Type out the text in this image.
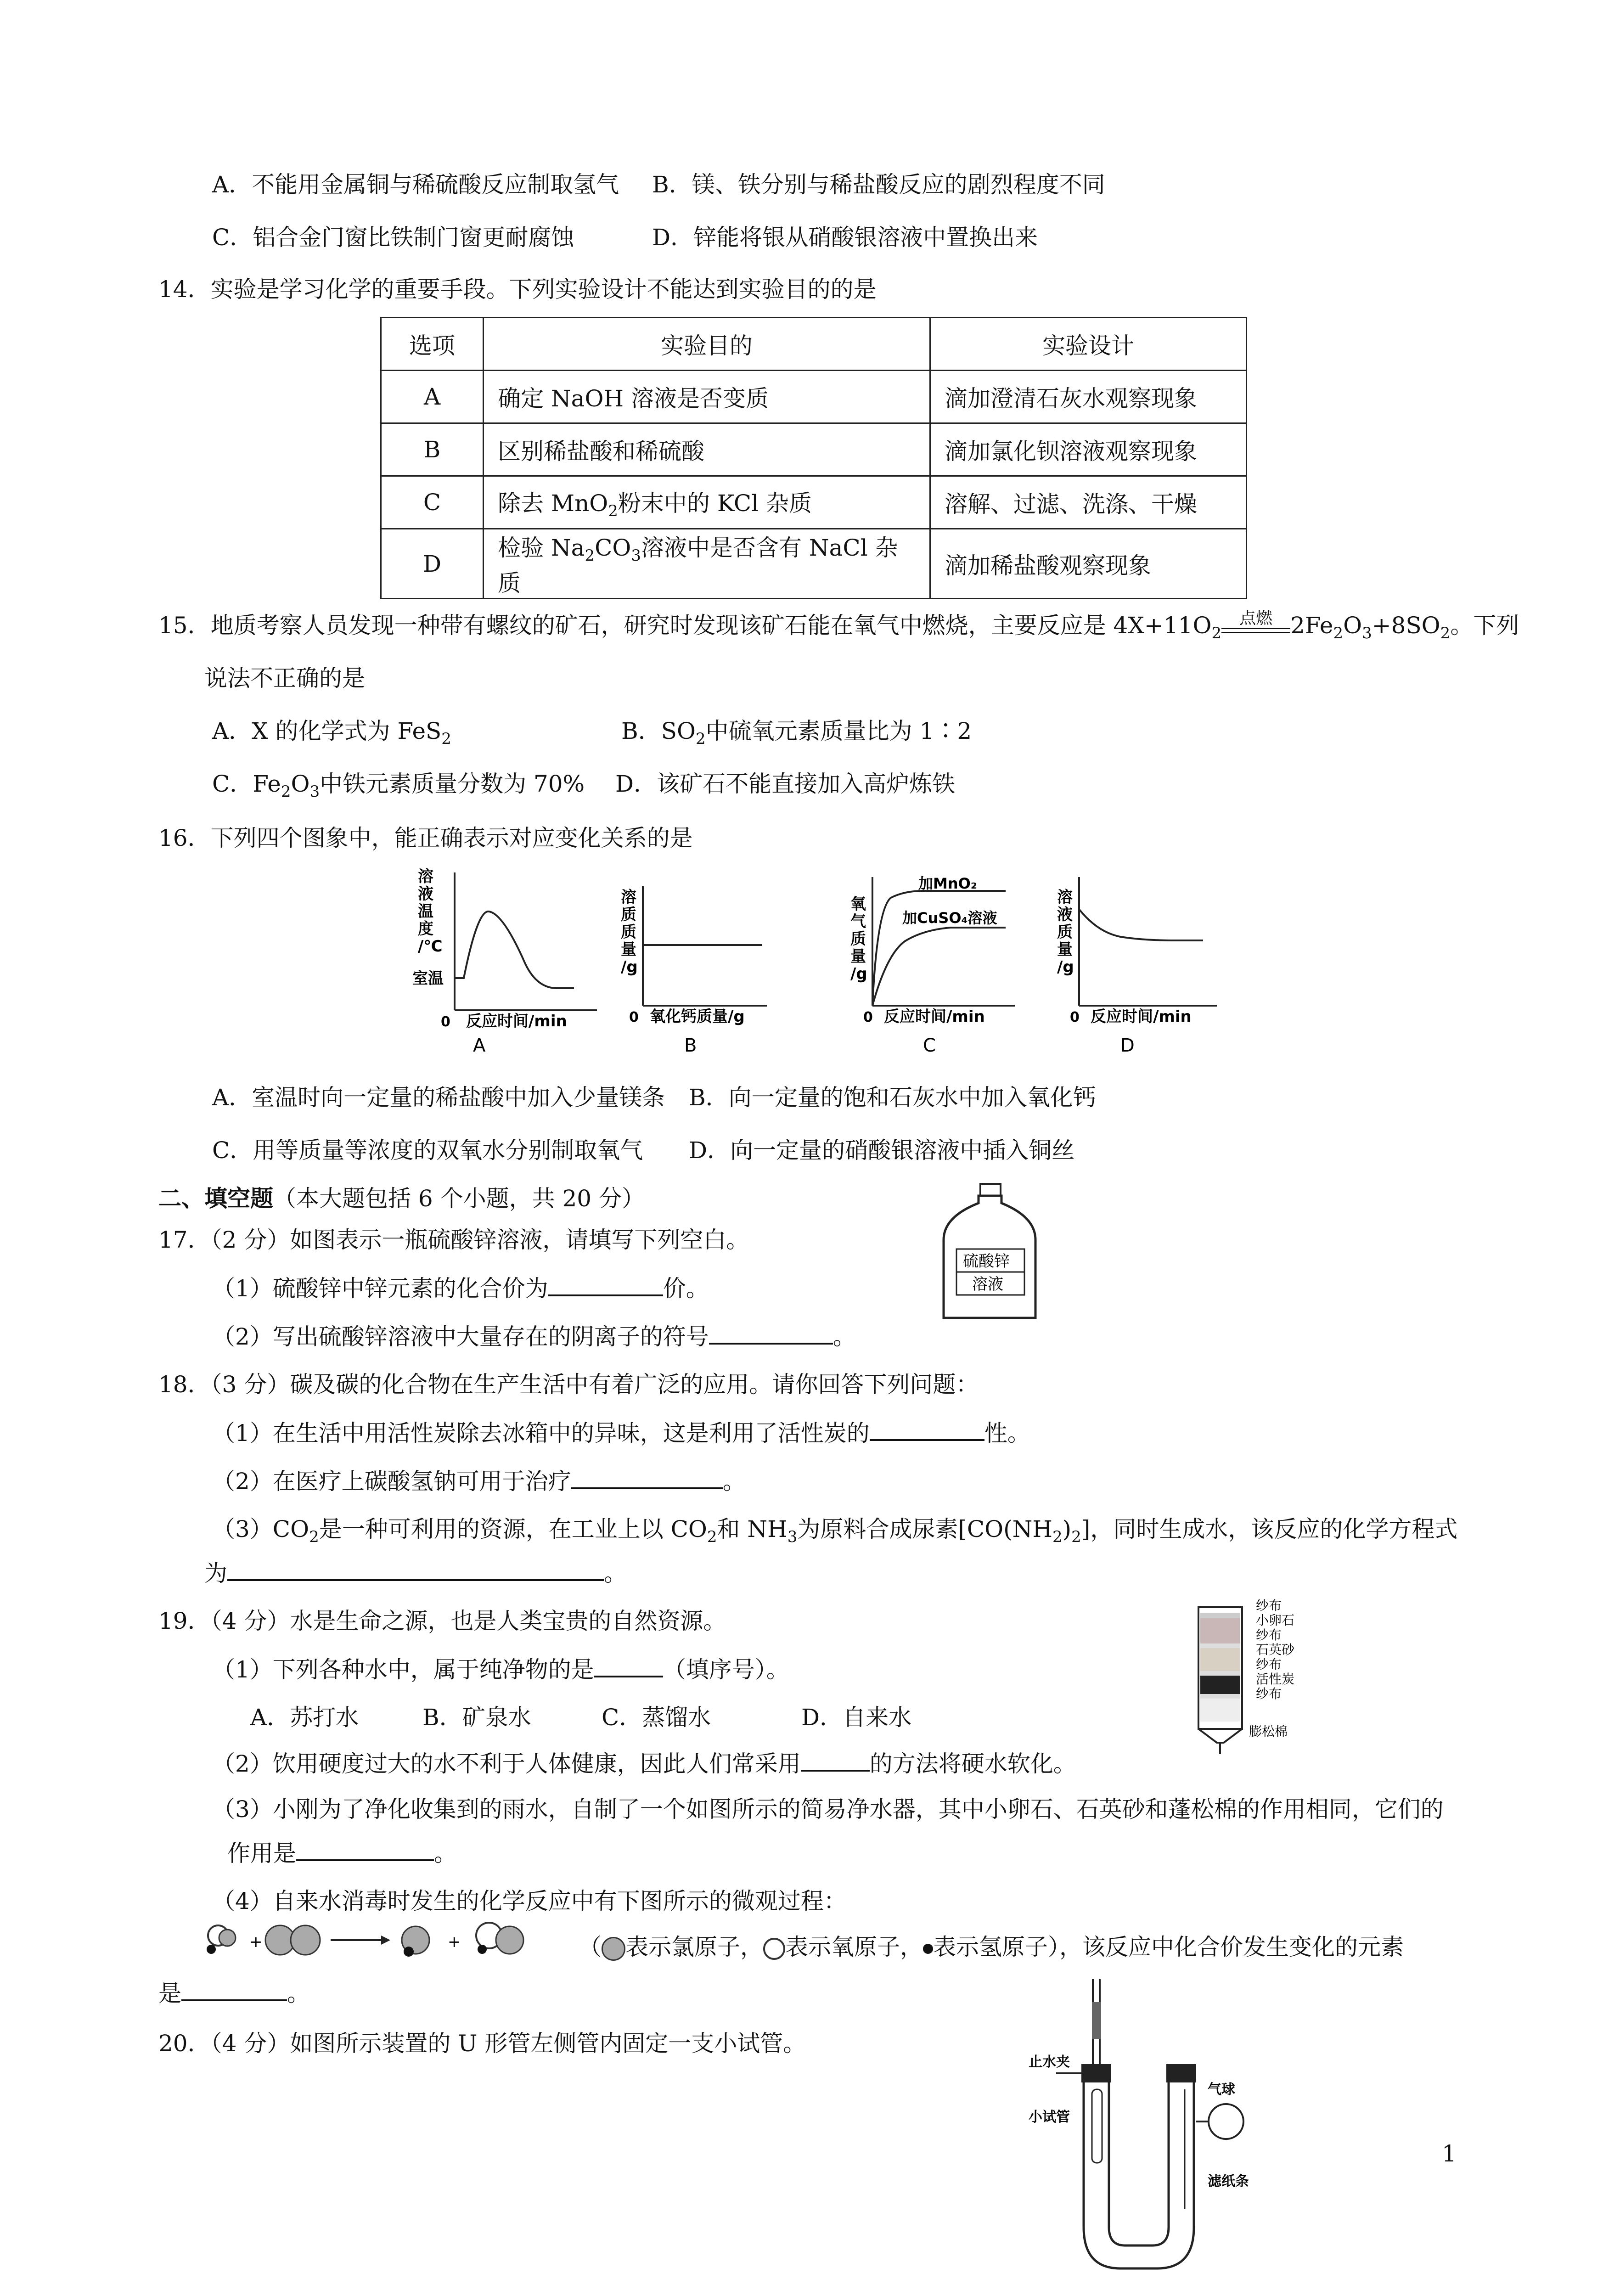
A．不能用金属铜与稀硫酸反应制取氢气 B．镁、铁分别与稀盐酸反应的剧烈程度不同
C．铝合金门窗比铁制门窗更耐腐蚀	D．锌能将银从硝酸银溶液中置换出来
14．实验是学习化学的重要手段。下列实验设计不能达到实验目的的是
选项	实验目的	实验设计
A	确定 NaOH 溶液是否变质	滴加澄清石灰水观察现象
B	区别稀盐酸和稀硫酸	滴加氯化钡溶液观察现象
C	除去 MnO$_2$粉末中的 KCl 杂质	溶解、过滤、洗涤、干燥
D	检验 $Na_2CO_3$溶液中是否含有 NaCl 杂质	滴加稀盐酸观察现象
15．地质考察人员发现一种带有螺纹的矿石，研究时发现该矿石能在氧气中燃烧，主要反应是 $4X+11O_2$
点燃 $2Fe_2O_3+8SO_2$。下列
说法不正确的是
A．X 的化学式为 FeS$_2$	B．$SO_2$中硫氧元素质量比为 1∶2
C．$Fe_2O_3$中铁元素质量分数为 70% D．该矿石不能直接加入高炉炼铁
16．下列四个图象中，能正确表示对应变化关系的是
溶
液
温
度
/℃
室温
0 反应时间/min
A
溶
质
质
量
/g
0 氧化钙质量/g
B
加MnO₂
加CuSO₄溶液
氧
气
质
量
/g
0 反应时间/min
C
溶
液
质
量
/g
0 反应时间/min
D
A．室温时向一定量的稀盐酸中加入少量镁条 B．向一定量的饱和石灰水中加入氧化钙
C．用等质量等浓度的双氧水分别制取氧气 D．向一定量的硝酸银溶液中插入铜丝
二、填空题（本大题包括 6 个小题，共 20 分）
17．（2 分）如图表示一瓶硫酸锌溶液，请填写下列空白。
硫酸锌
溶液
（1）硫酸锌中锌元素的化合价为	价。
（2）写出硫酸锌溶液中大量存在的阴离子的符号	。
18．（3 分）碳及碳的化合物在生产生活中有着广泛的应用。请你回答下列问题：
（1）在生活中用活性炭除去冰箱中的异味，这是利用了活性炭的	性。
（2）在医疗上碳酸氢钠可用于治疗	。
$(3)CO_2$是一种可利用的资源，在工业上以 $CO_2$和 $NH_3$为原料合成尿素$[CO(NH_2)_2]$，同时生成水，该反应的化学方程式
为	。
19．（4 分）水是生命之源，也是人类宝贵的自然资源。
纱布
小卵石
纱布
石英砂
纱布
活性炭
纱布
膨松棉
（1）下列各种水中，属于纯净物的是	（填序号）。
A．苏打水	B．矿泉水	C．蒸馏水	D．自来水
（2）饮用硬度过大的水不利于人体健康，因此人们常采用	的方法将硬水软化。
（3）小刚为了净化收集到的雨水，自制了一个如图所示的简易净水器，其中小卵石、石英砂和蓬松棉的作用相同，它们的
作用是	。
（4）自来水消毒时发生的化学反应中有下图所示的微观过程：
+	+	（ 表示氯原子， 表示氧原子， 表示氢原子），该反应中化合价发生变化的元素
是	。
20．（4 分）如图所示装置的 U 形管左侧管内固定一支小试管。
止水夹
气球
小试管
滤纸条
1
